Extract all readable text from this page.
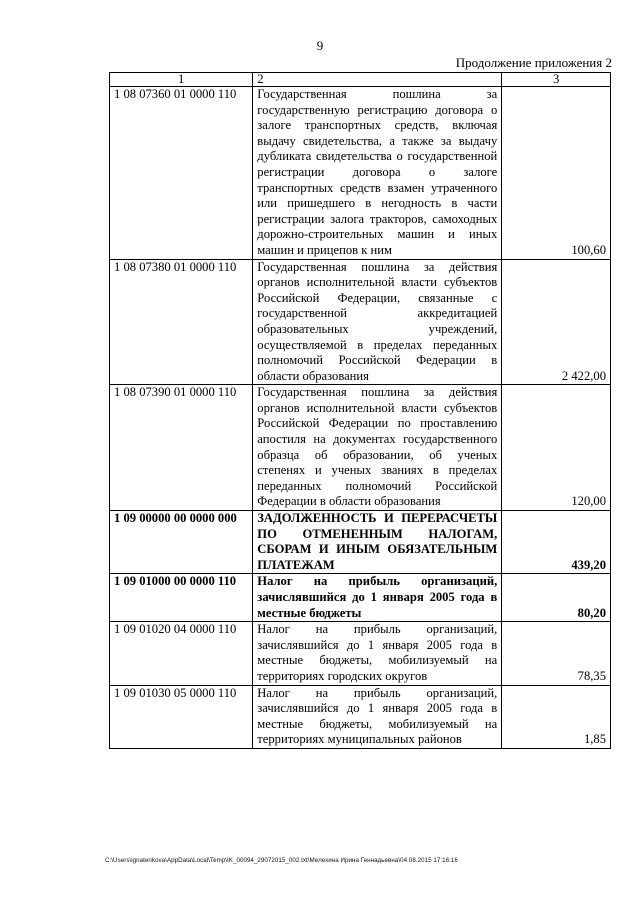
9
Продолжение приложения 2
1	2	3
1 08 07360 01 0000 110	Государственная пошлина за государственную регистрацию договора о залоге транспортных средств, включая выдачу свидетельства, а также за выдачу дубликата свидетельства о государственной регистрации договора о залоге транспортных средств взамен утраченного или пришедшего в негодность в части регистрации залога тракторов, самоходных дорожно-строительных машин и иных машин и прицепов к ним	100,60
1 08 07380 01 0000 110	Государственная пошлина за действия органов исполнительной власти субъектов Российской Федерации, связанные с государственной аккредитацией образовательных учреждений, осуществляемой в пределах переданных полномочий Российской Федерации в области образования	2 422,00
1 08 07390 01 0000 110	Государственная пошлина за действия органов исполнительной власти субъектов Российской Федерации по проставлению апостиля на документах государственного образца об образовании, об ученых степенях и ученых званиях в пределах переданных полномочий Российской Федерации в области образования	120,00
1 09 00000 00 0000 000	ЗАДОЛЖЕННОСТЬ И ПЕРЕРАСЧЕТЫ ПО ОТМЕНЕННЫМ НАЛОГАМ, СБОРАМ И ИНЫМ ОБЯЗАТЕЛЬНЫМ ПЛАТЕЖАМ	439,20
1 09 01000 00 0000 110	Налог на прибыль организаций, зачислявшийся до 1 января 2005 года в местные бюджеты	80,20
1 09 01020 04 0000 110	Налог на прибыль организаций, зачислявшийся до 1 января 2005 года в местные бюджеты, мобилизуемый на территориях городских округов	78,35
1 09 01030 05 0000 110	Налог на прибыль организаций, зачислявшийся до 1 января 2005 года в местные бюджеты, мобилизуемый на территориях муниципальных районов	1,85
C:\Users\ignatenkova\AppData\Local\Temp\IK_00094_29072015_002.txt\Мелехина Ирина Геннадьевна\04.08.2015 17:16:16
